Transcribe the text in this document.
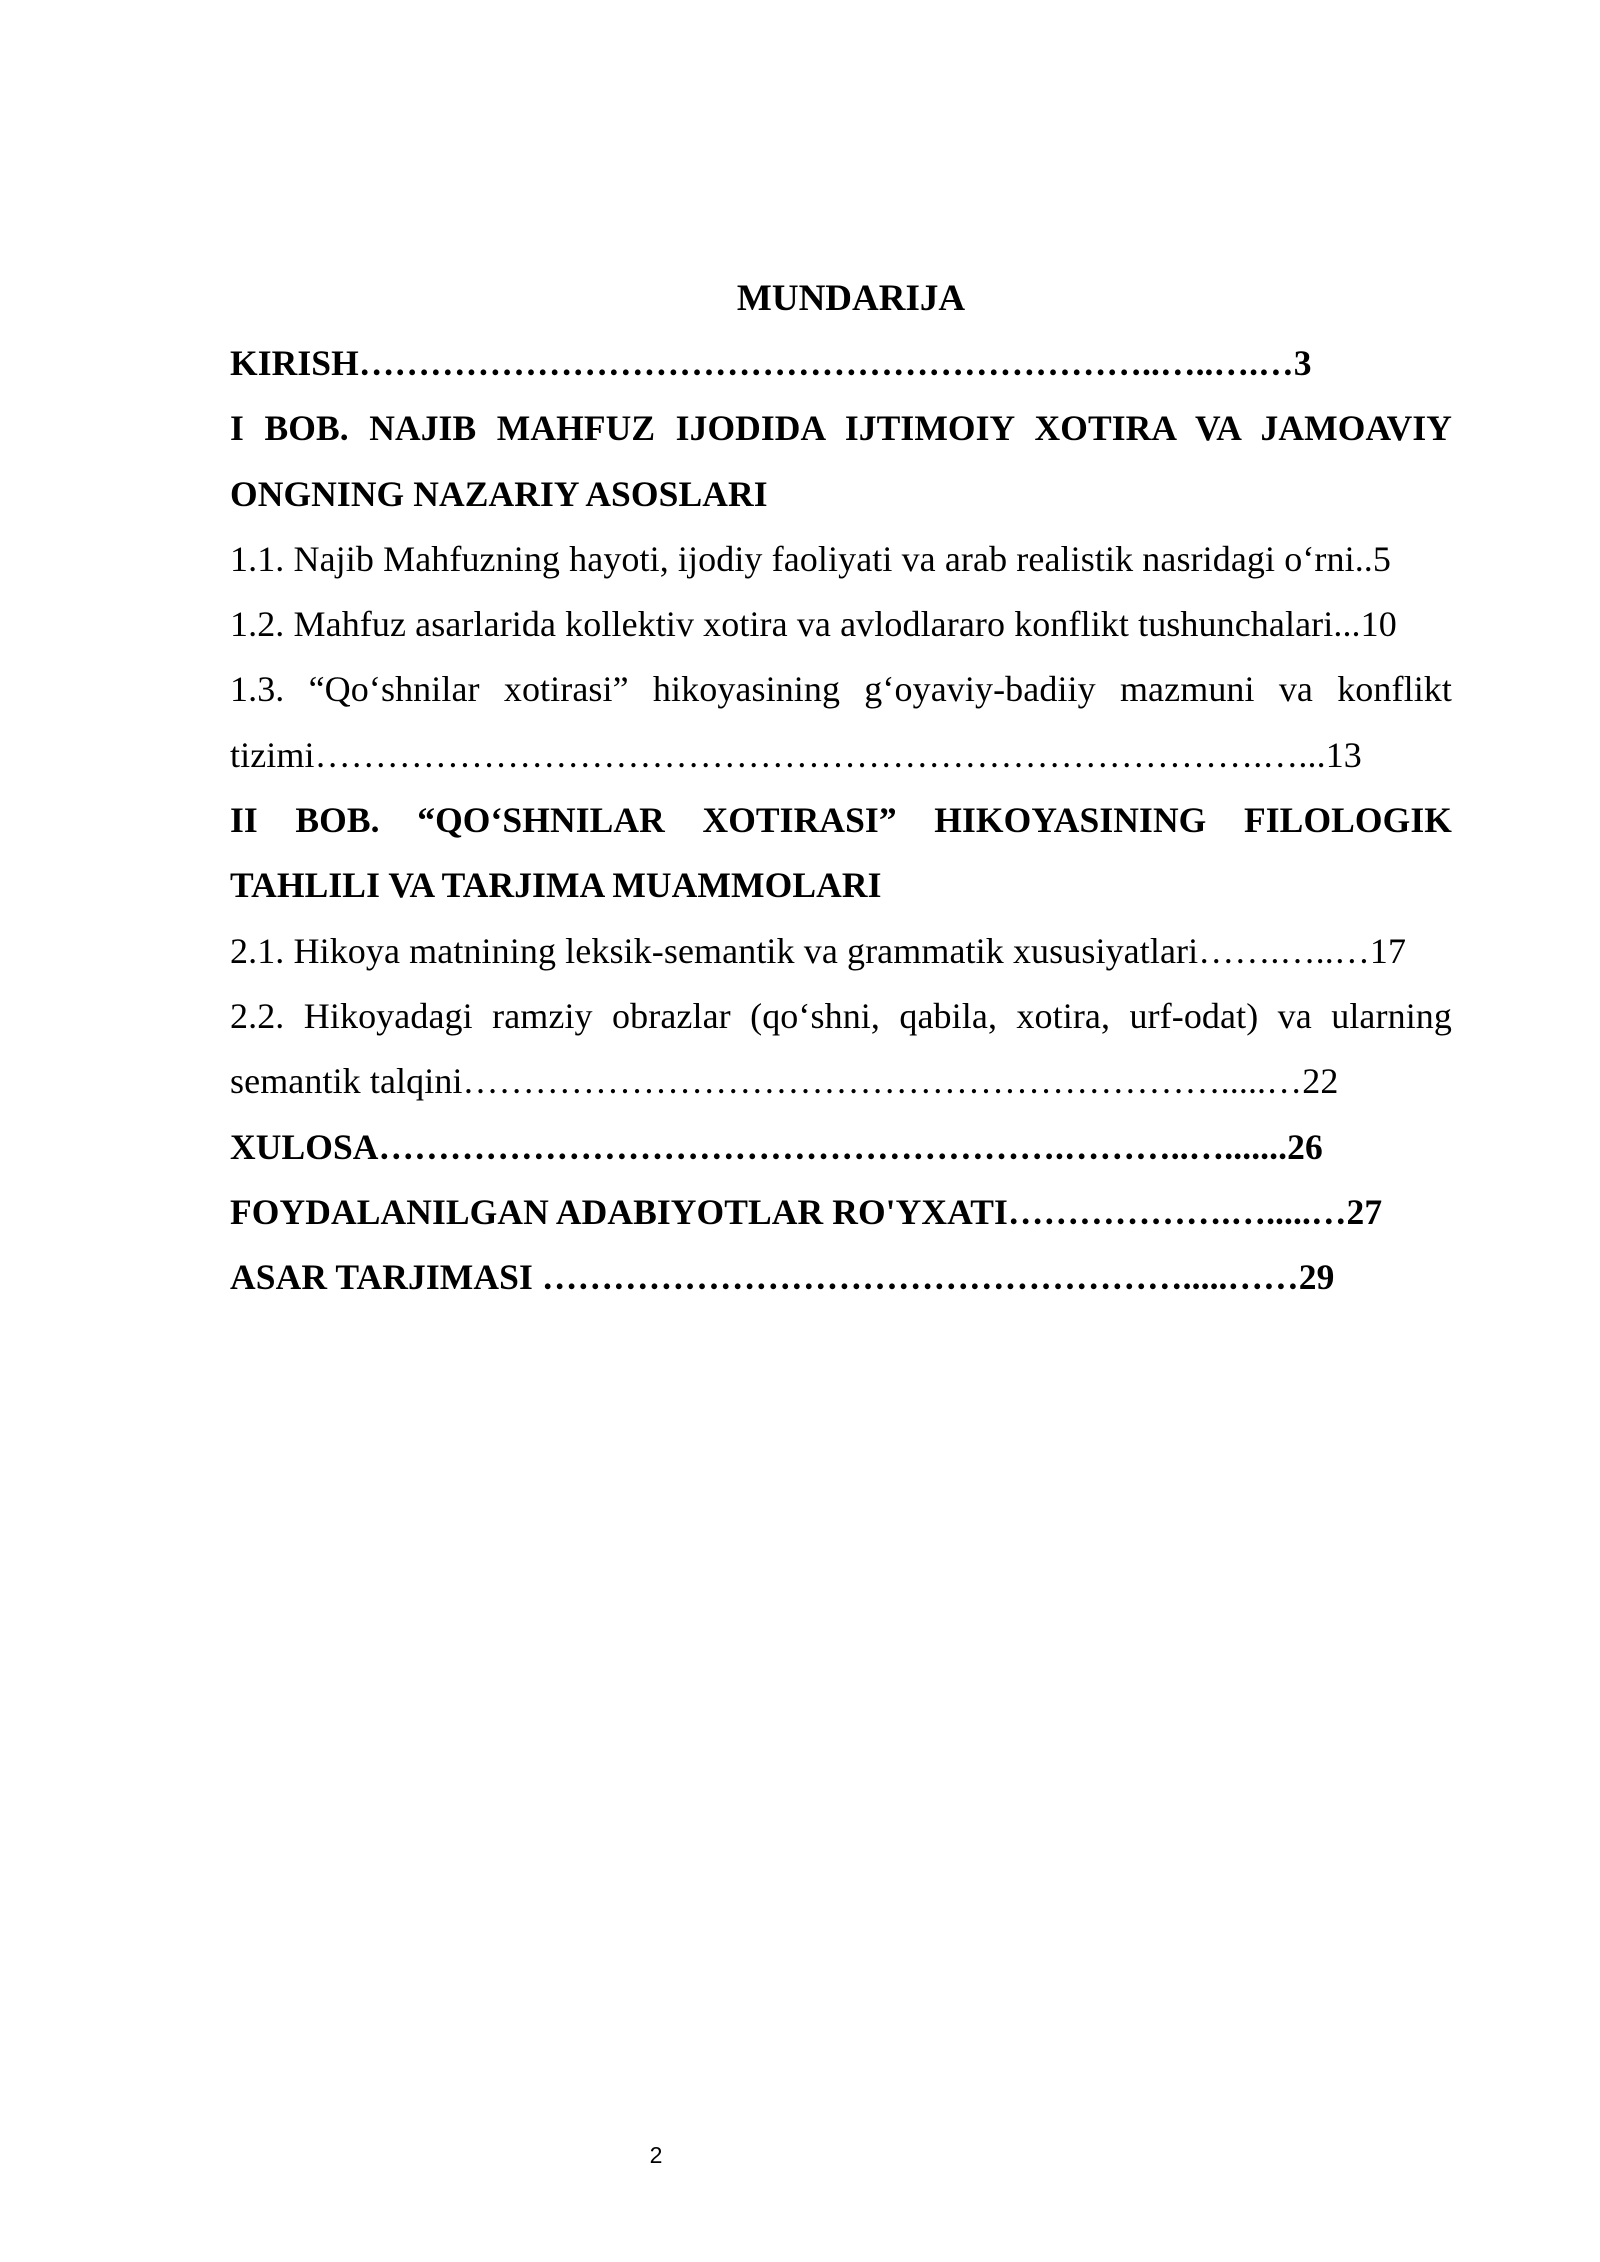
MUNDARIJA
KIRISH…………………………………………………………..…..….…3
I BOB. NAJIB MAHFUZ IJODIDA IJTIMOIY XOTIRA VA JAMOAVIY
ONGNING NAZARIY ASOSLARI
1.1. Najib Mahfuzning hayoti, ijodiy faoliyati va arab realistik nasridagi o‘rni..5
1.2. Mahfuz asarlarida kollektiv xotira va avlodlararo konflikt tushunchalari...10
1.3. “Qo‘shnilar xotirasi” hikoyasining g‘oyaviy-badiiy mazmuni va konflikt
tizimi…………………………………………………………………….…...13
II BOB. “QO‘SHNILAR XOTIRASI” HIKOYASINING FILOLOGIK
TAHLILI VA TARJIMA MUAMMOLARI
2.1. Hikoya matnining leksik-semantik va grammatik xususiyatlari…….…..…17
2.2. Hikoyadagi ramziy obrazlar (qo‘shni, qabila, xotira, urf-odat) va ularning
semantik talqini……………………………………………………….....…22
XULOSA………………………………………………….………..….......26
FOYDALANILGAN ADABIYOTLAR RO'YXATI……………….….....…27
ASAR TARJIMASI ……………………………………………….....……29
2
